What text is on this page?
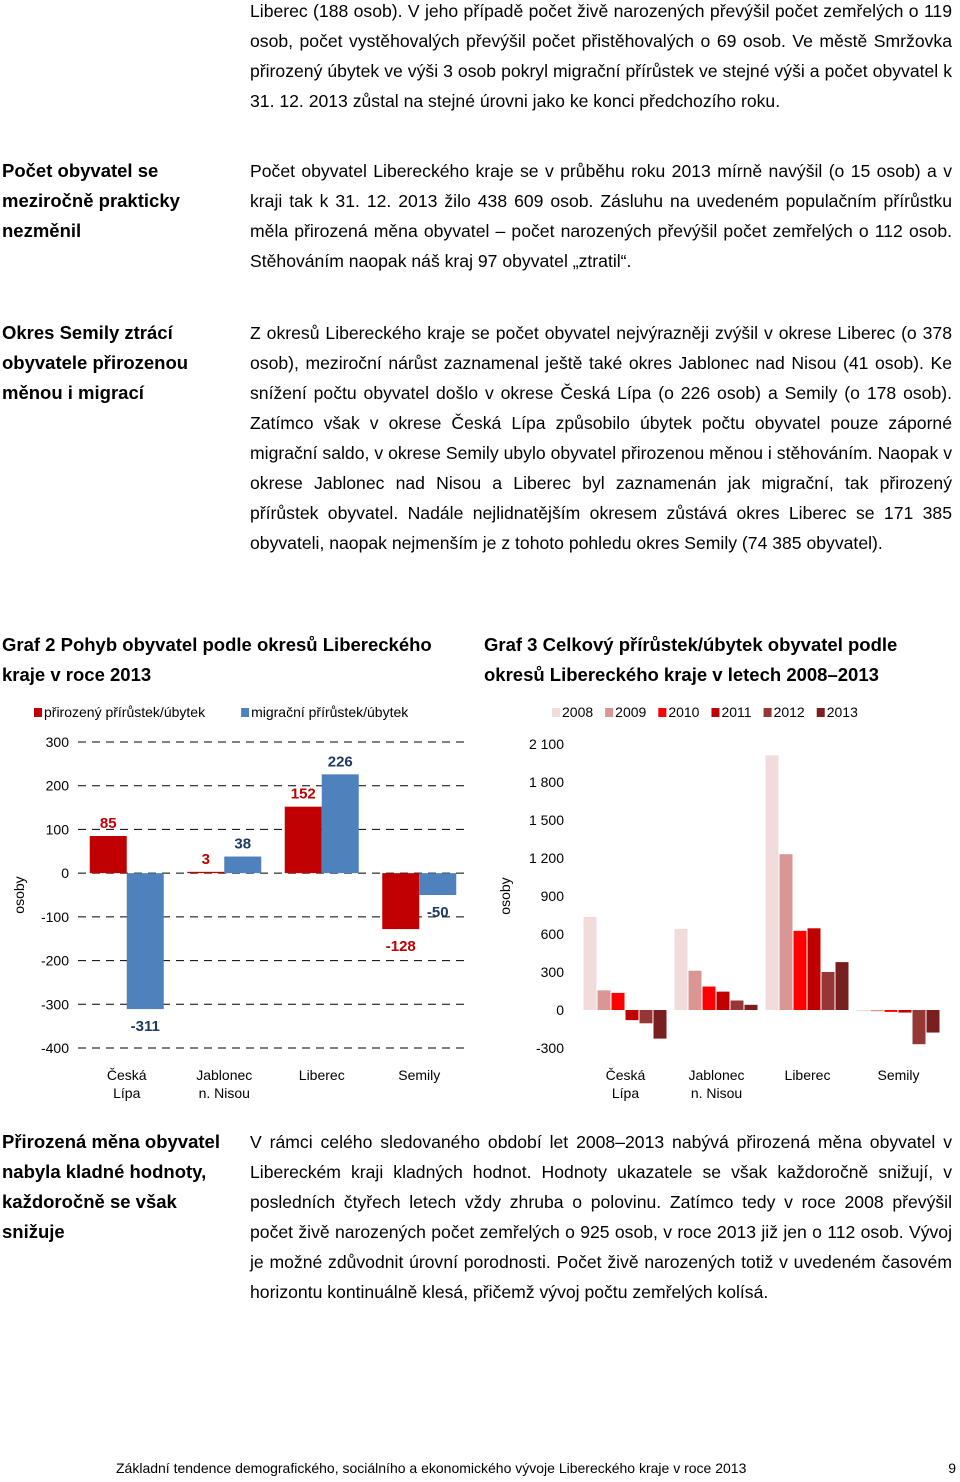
Liberec (188 osob). V jeho případě počet živě narozených převýšil počet zemřelých o 119 osob, počet vystěhovalých převýšil počet přistěhovalých o 69 osob. Ve městě Smržovka přirozený úbytek ve výši 3 osob pokryl migrační přírůstek ve stejné výši a počet obyvatel k 31. 12. 2013 zůstal na stejné úrovni jako ke konci předchozího roku.

Počet obyvatel se meziročně prakticky nezměnil

Počet obyvatel Libereckého kraje se v průběhu roku 2013 mírně navýšil (o 15 osob) a v kraji tak k 31. 12. 2013 žilo 438 609 osob. Zásluhu na uvedeném populačním přírůstku měla přirozená měna obyvatel – počet narozených převýšil počet zemřelých o 112 osob. Stěhováním naopak náš kraj 97 obyvatel „ztratil“.

Okres Semily ztrácí obyvatele přirozenou měnou i migrací

Z okresů Libereckého kraje se počet obyvatel nejvýrazněji zvýšil v okrese Liberec (o 378 osob), meziroční nárůst zaznamenal ještě také okres Jablonec nad Nisou (41 osob). Ke snížení počtu obyvatel došlo v okrese Česká Lípa (o 226 osob) a Semily (o 178 osob). Zatímco však v okrese Česká Lípa způsobilo úbytek počtu obyvatel pouze záporné migrační saldo, v okrese Semily ubylo obyvatel přirozenou měnou i stěhováním. Naopak v okrese Jablonec nad Nisou a Liberec byl zaznamenán jak migrační, tak přirozený přírůstek obyvatel. Nadále nejlidnatějším okresem zůstává okres Liberec se 171 385 obyvateli, naopak nejmenším je z tohoto pohledu okres Semily (74 385 obyvatel).

Graf 2 Pohyb obyvatel podle okresů Libereckého kraje v roce 2013
Graf 3 Celkový přírůstek/úbytek obyvatel podle okresů Libereckého kraje v letech 2008–2013
přirozený přírůstek/úbytek	migrační přírůstek/úbytek
300
200
100
0
-100
-200
-300
-400
osoby
85
-311
Česká
Lípa
3
38
Jablonec
n. Nisou
152
226
Liberec
-128
-50
Semily
2008 2009 2010 2011 2012 2013
2 100
1 800
1 500
1 200
900
600
300
0
-300
osoby
Česká
Lípa
Jablonec
n. Nisou
Liberec	Semily
Přirozená měna obyvatel nabyla kladné hodnoty, každoročně se však snižuje

V rámci celého sledovaného období let 2008–2013 nabývá přirozená měna obyvatel v Libereckém kraji kladných hodnot. Hodnoty ukazatele se však každoročně snižují, v posledních čtyřech letech vždy zhruba o polovinu. Zatímco tedy v roce 2008 převýšil počet živě narozených počet zemřelých o 925 osob, v roce 2013 již jen o 112 osob. Vývoj je možné zdůvodnit úrovní porodnosti. Počet živě narozených totiž v uvedeném časovém horizontu kontinuálně klesá, přičemž vývoj počtu zemřelých kolísá.

Základní tendence demografického, sociálního a ekonomického vývoje Libereckého kraje v roce 2013	9
